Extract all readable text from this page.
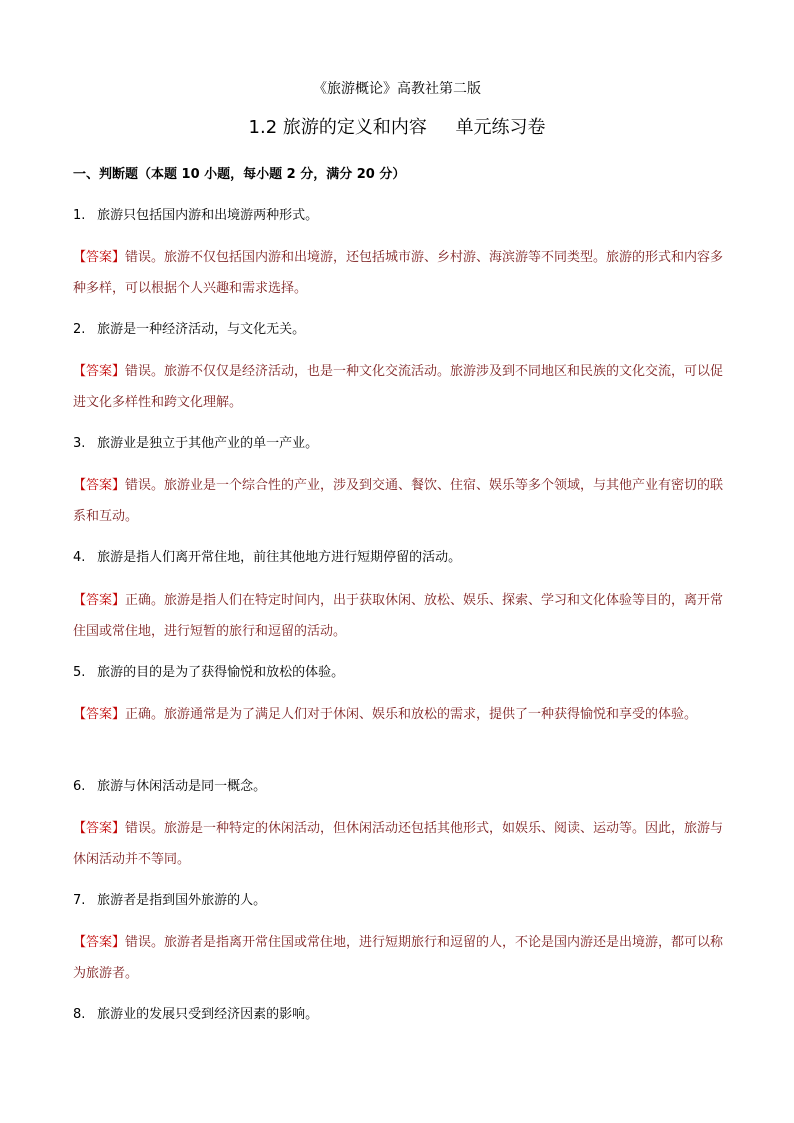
《旅游概论》高教社第二版
1.2 旅游的定义和内容     单元练习卷
一、判断题（本题 10 小题，每小题 2 分，满分 20 分）
1. 旅游只包括国内游和出境游两种形式。
【答案】错误。旅游不仅包括国内游和出境游，还包括城市游、乡村游、海滨游等不同类型。旅游的形式和内容多种多样，可以根据个人兴趣和需求选择。
2. 旅游是一种经济活动，与文化无关。
【答案】错误。旅游不仅仅是经济活动，也是一种文化交流活动。旅游涉及到不同地区和民族的文化交流，可以促进文化多样性和跨文化理解。
3. 旅游业是独立于其他产业的单一产业。
【答案】错误。旅游业是一个综合性的产业，涉及到交通、餐饮、住宿、娱乐等多个领域，与其他产业有密切的联系和互动。
4. 旅游是指人们离开常住地，前往其他地方进行短期停留的活动。
【答案】正确。旅游是指人们在特定时间内，出于获取休闲、放松、娱乐、探索、学习和文化体验等目的，离开常住国或常住地，进行短暂的旅行和逗留的活动。
5. 旅游的目的是为了获得愉悦和放松的体验。
【答案】正确。旅游通常是为了满足人们对于休闲、娱乐和放松的需求，提供了一种获得愉悦和享受的体验。
6. 旅游与休闲活动是同一概念。
【答案】错误。旅游是一种特定的休闲活动，但休闲活动还包括其他形式，如娱乐、阅读、运动等。因此，旅游与休闲活动并不等同。
7. 旅游者是指到国外旅游的人。
【答案】错误。旅游者是指离开常住国或常住地，进行短期旅行和逗留的人，不论是国内游还是出境游，都可以称为旅游者。
8. 旅游业的发展只受到经济因素的影响。
